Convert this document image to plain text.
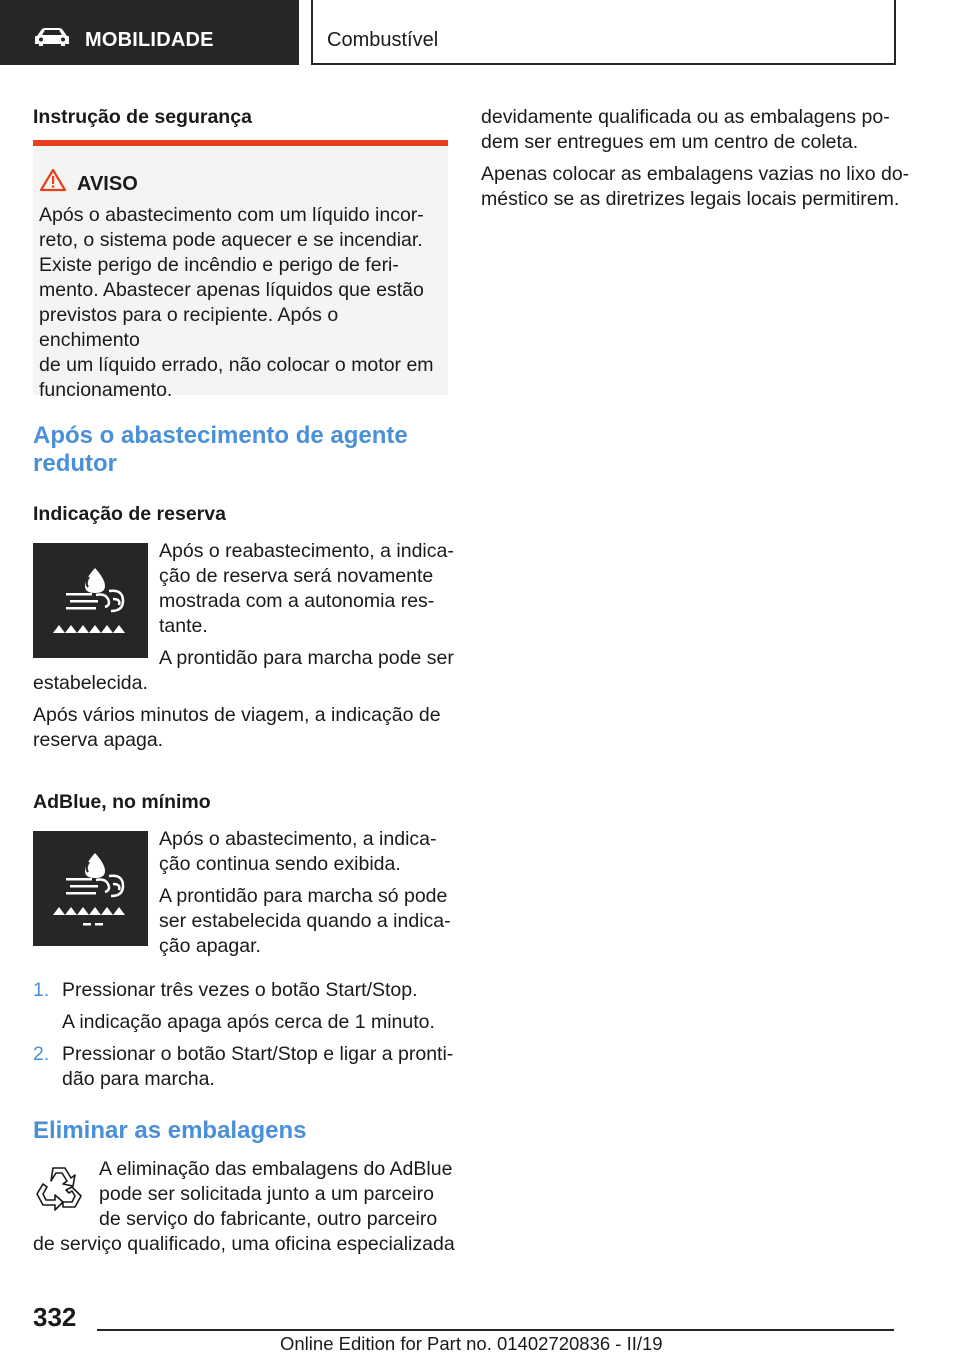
MOBILIDADE	Combustível
Instrução de segurança
AVISO
Após o abastecimento com um líquido incor-
reto, o sistema pode aquecer e se incendiar.
Existe perigo de incêndio e perigo de feri-
mento. Abastecer apenas líquidos que estão
previstos para o recipiente. Após o enchimento
de um líquido errado, não colocar o motor em
funcionamento.
Após o abastecimento de agente
redutor
Indicação de reserva
Após o reabastecimento, a indica-
ção de reserva será novamente
mostrada com a autonomia res-
tante.
A prontidão para marcha pode ser
estabelecida.
Após vários minutos de viagem, a indicação de
reserva apaga.
AdBlue, no mínimo
Após o abastecimento, a indica-
ção continua sendo exibida.
A prontidão para marcha só pode
ser estabelecida quando a indica-
ção apagar.
1. Pressionar três vezes o botão Start/Stop.
A indicação apaga após cerca de 1 minuto.
2. Pressionar o botão Start/Stop e ligar a pronti-
dão para marcha.
Eliminar as embalagens
A eliminação das embalagens do AdBlue
pode ser solicitada junto a um parceiro
de serviço do fabricante, outro parceiro
de serviço qualificado, uma oficina especializada
devidamente qualificada ou as embalagens po-
dem ser entregues em um centro de coleta.
Apenas colocar as embalagens vazias no lixo do-
méstico se as diretrizes legais locais permitirem.
332
Online Edition for Part no. 01402720836 - II/19
